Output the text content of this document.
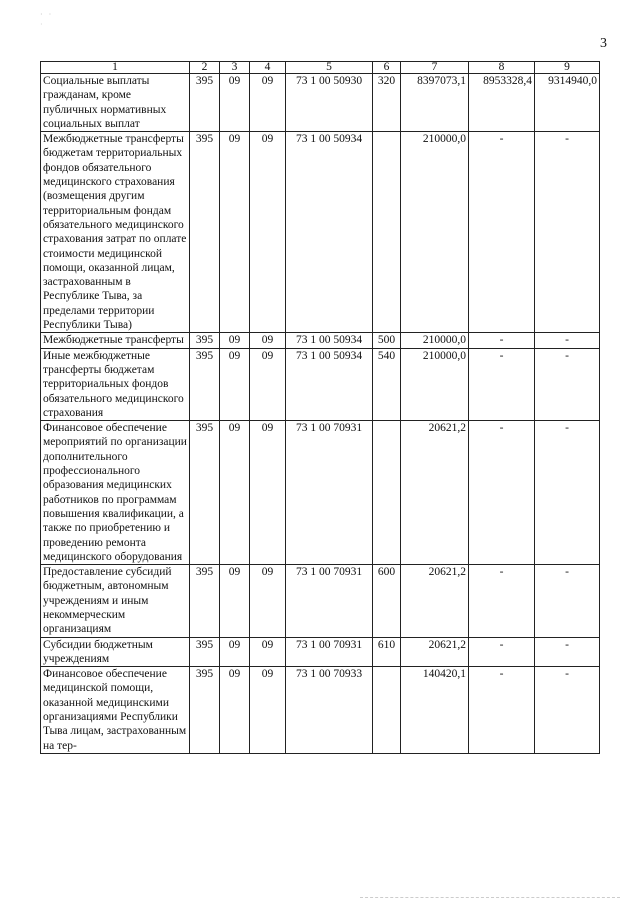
· ·
·
3
1	2	3	4	5	6	7	8	9
Социальные выплаты гражданам, кроме публичных нормативных социальных выплат	395	09	09	73 1 00 50930	320	8397073,1	8953328,4	9314940,0
Межбюджетные трансферты бюджетам территориальных фондов обязательного медицинского страхования (возмещения другим территориальным фондам обязательного медицинского страхования затрат по оплате стоимости медицинской помощи, оказанной лицам, застрахованным в Республике Тыва, за пределами территории Республики Тыва)	395	09	09	73 1 00 50934		210000,0	-	-
Межбюджетные трансферты	395	09	09	73 1 00 50934	500	210000,0	-	-
Иные межбюджетные трансферты бюджетам территориальных фондов обязательного медицинского страхования	395	09	09	73 1 00 50934	540	210000,0	-	-
Финансовое обеспечение мероприятий по организации дополнительного профессионального образования медицинских работников по программам повышения квалификации, а также по приобретению и проведению ремонта медицинского оборудования	395	09	09	73 1 00 70931		20621,2	-	-
Предоставление субсидий бюджетным, автономным учреждениям и иным некоммерческим организациям	395	09	09	73 1 00 70931	600	20621,2	-	-
Субсидии бюджетным учреждениям	395	09	09	73 1 00 70931	610	20621,2	-	-
Финансовое обеспечение медицинской помощи, оказанной медицинскими организациями Республики Тыва лицам, застрахованным на тер-	395	09	09	73 1 00 70933		140420,1	-	-
